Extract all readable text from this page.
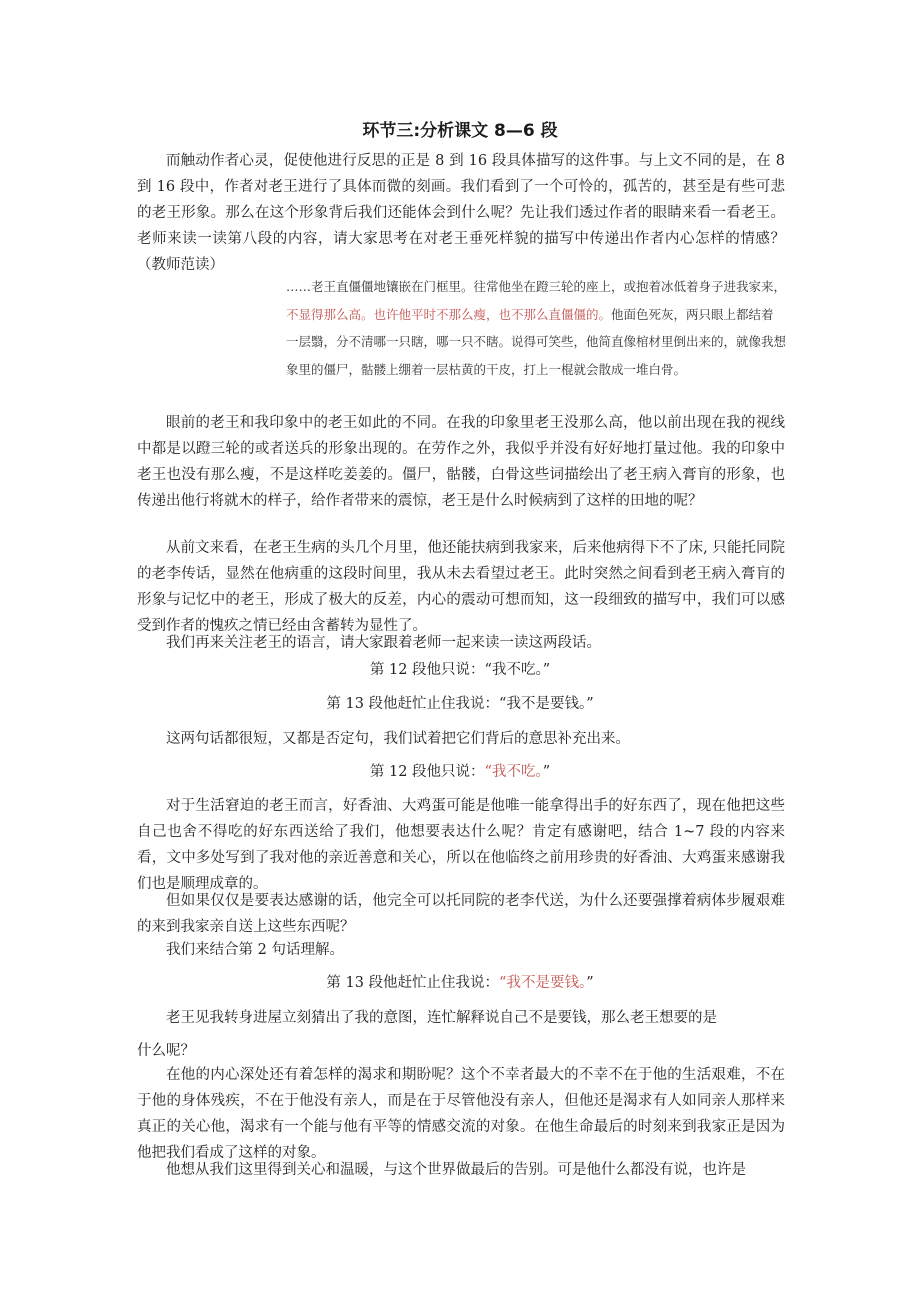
环节三:分析课文 8—6 段

而触动作者心灵，促使他进行反思的正是 8 到 16 段具体描写的这件事。与上文不同的是，在 8 到 16 段中，作者对老王进行了具体而微的刻画。我们看到了一个可怜的，孤苦的，甚至是有些可悲的老王形象。那么在这个形象背后我们还能体会到什么呢？先让我们透过作者的眼睛来看一看老王。老师来读一读第八段的内容，请大家思考在对老王垂死样貌的描写中传递出作者内心怎样的情感？（教师范读）

……老王直僵僵地镶嵌在门框里。往常他坐在蹬三轮的座上，或抱着冰低着身子进我家来，不显得那么高。也许他平时不那么瘦，也不那么直僵僵的。他面色死灰，两只眼上都结着一层翳，分不清哪一只瞎，哪一只不瞎。说得可笑些，他简直像棺材里倒出来的，就像我想象里的僵尸，骷髅上绷着一层枯黄的干皮，打上一棍就会散成一堆白骨。

眼前的老王和我印象中的老王如此的不同。在我的印象里老王没那么高，他以前出现在我的视线中都是以蹬三轮的或者送兵的形象出现的。在劳作之外，我似乎并没有好好地打量过他。我的印象中老王也没有那么瘦，不是这样吃姜姜的。僵尸，骷髅，白骨这些词描绘出了老王病入膏肓的形象，也传递出他行将就木的样子，给作者带来的震惊，老王是什么时候病到了这样的田地的呢？

从前文来看，在老王生病的头几个月里，他还能扶病到我家来，后来他病得下不了床, 只能托同院的老李传话，显然在他病重的这段时间里，我从未去看望过老王。此时突然之间看到老王病入膏肓的形象与记忆中的老王，形成了极大的反差，内心的震动可想而知，这一段细致的描写中，我们可以感受到作者的愧疚之情已经由含蓄转为显性了。

我们再来关注老王的语言，请大家跟着老师一起来读一读这两段话。

第 12 段他只说：“我不吃。”

第 13 段他赶忙止住我说：“我不是要钱。”

这两句话都很短，又都是否定句，我们试着把它们背后的意思补充出来。

第 12 段他只说：“我不吃。”

对于生活窘迫的老王而言，好香油、大鸡蛋可能是他唯一能拿得出手的好东西了，现在他把这些自己也舍不得吃的好东西送给了我们，他想要表达什么呢？肯定有感谢吧，结合 1~7 段的内容来看，文中多处写到了我对他的亲近善意和关心，所以在他临终之前用珍贵的好香油、大鸡蛋来感谢我们也是顺理成章的。

但如果仅仅是要表达感谢的话，他完全可以托同院的老李代送，为什么还要强撑着病体步履艰难的来到我家亲自送上这些东西呢？

我们来结合第 2 句话理解。

第 13 段他赶忙止住我说：“我不是要钱。”

老王见我转身进屋立刻猜出了我的意图，连忙解释说自己不是要钱，那么老王想要的是

什么呢？

在他的内心深处还有着怎样的渴求和期盼呢？这个不幸者最大的不幸不在于他的生活艰难，不在于他的身体残疾，不在于他没有亲人，而是在于尽管他没有亲人，但他还是渴求有人如同亲人那样来真正的关心他，渴求有一个能与他有平等的情感交流的对象。在他生命最后的时刻来到我家正是因为他把我们看成了这样的对象。

他想从我们这里得到关心和温暖，与这个世界做最后的告别。可是他什么都没有说，也许是
